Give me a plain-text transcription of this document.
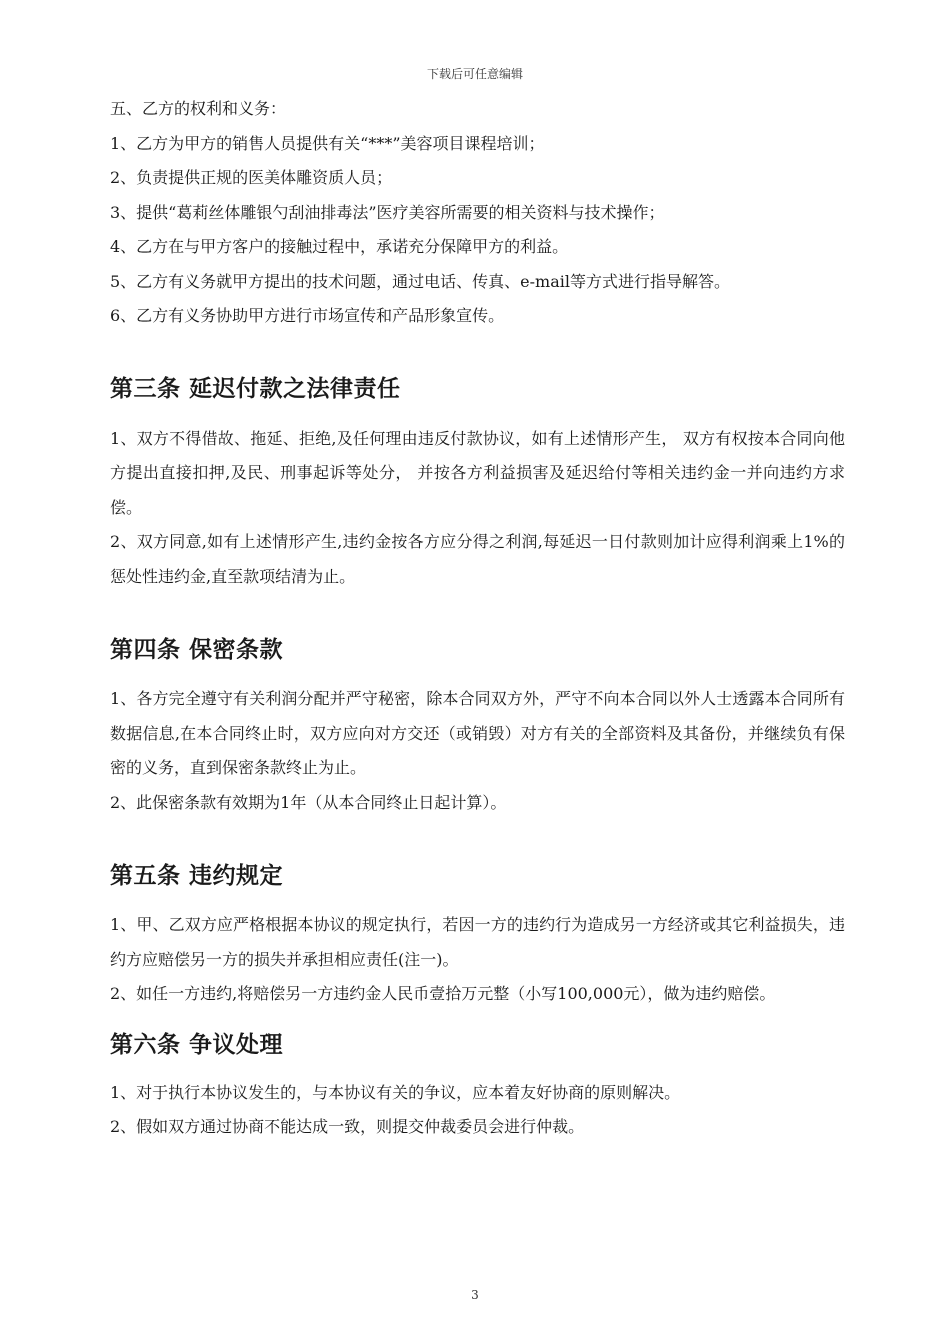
下载后可任意编辑

五、乙方的权利和义务：

1、乙方为甲方的销售人员提供有关“***”美容项目课程培训；

2、负责提供正规的医美体雕资质人员；

3、提供“葛莉丝体雕银勺刮油排毒法”医疗美容所需要的相关资料与技术操作；

4、乙方在与甲方客户的接触过程中，承诺充分保障甲方的利益。

5、乙方有义务就甲方提出的技术问题，通过电话、传真、e-mail等方式进行指导解答。

6、乙方有义务协助甲方进行市场宣传和产品形象宣传。

第三条 延迟付款之法律责任

1、双方不得借故、拖延、拒绝,及任何理由违反付款协议，如有上述情形产生， 双方有权按本合同向他方提出直接扣押,及民、刑事起诉等处分， 并按各方利益损害及延迟给付等相关违约金一并向违约方求偿。

2、双方同意,如有上述情形产生,违约金按各方应分得之利润,每延迟一日付款则加计应得利润乘上1%的惩处性违约金,直至款项结清为止。

第四条 保密条款

1、各方完全遵守有关利润分配并严守秘密，除本合同双方外，严守不向本合同以外人士透露本合同所有数据信息,在本合同终止时，双方应向对方交还（或销毁）对方有关的全部资料及其备份，并继续负有保密的义务，直到保密条款终止为止。

2、此保密条款有效期为1年（从本合同终止日起计算）。

第五条 违约规定

1、甲、乙双方应严格根据本协议的规定执行，若因一方的违约行为造成另一方经济或其它利益损失，违约方应赔偿另一方的损失并承担相应责任(注一)。

2、如任一方违约,将赔偿另一方违约金人民币壹拾万元整（小写100,000元），做为违约赔偿。

第六条 争议处理

1、对于执行本协议发生的，与本协议有关的争议，应本着友好协商的原则解决。

2、假如双方通过协商不能达成一致，则提交仲裁委员会进行仲裁。

3
